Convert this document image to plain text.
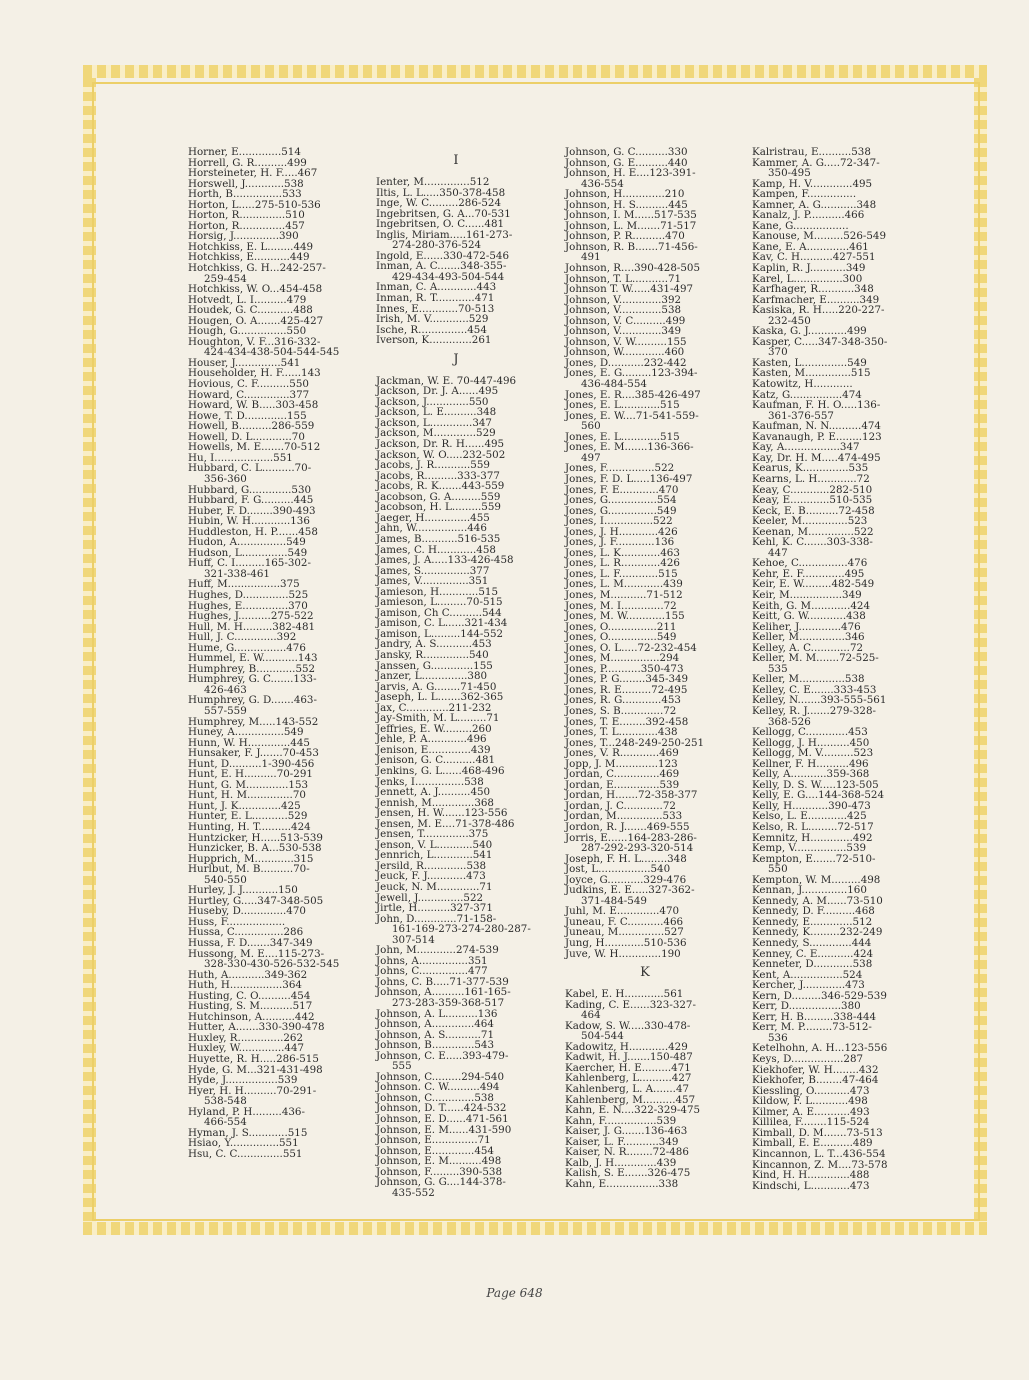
Horner, E.............514
Horrell, G. R..........499
Horsteineter, H. F.....467
Horswell, J............538
Horth, B...............533
Horton, L.....275-510-536
Horton, R..............510
Horton, R..............457
Horsig, J..............390
Hotchkiss, E. L........449
Hotchkiss, E...........449
Hotchkiss, G. H...242-257-
259-454
Hotchkiss, W. O...454-458
Hotvedt, L. I..........479
Houdek, G. C...........488
Hougen, O. A.......425-427
Hough, G...............550
Houghton, V. F...316-332-
424-434-438-504-544-545
Houser, J..............541
Householder, H. F......143
Hovious, C. F..........550
Howard, C..............377
Howard, W. B.....303-458
Howe, T. D.............155
Howell, B..........286-559
Howell, D. L............70
Howells, M. E.......70-512
Hu, I..................551
Hubbard, C. L..........70-
356-360
Hubbard, G.............530
Hubbard, F. G..........445
Huber, F. D........390-493
Hubin, W. H............136
Huddleston, H. P.......458
Hudon, A...............549
Hudson, L..............549
Huff, C. I.........165-302-
321-338-461
Huff, M................375
Hughes, D..............525
Hughes, E..............370
Hughes, J..........275-522
Hull, M. H.........382-481
Hull, J. C.............392
Hume, G................476
Hummel, E. W...........143
Humphrey, B............552
Humphrey, G. C.......133-
426-463
Humphrey, G. D.......463-
557-559
Humphrey, M.....143-552
Huney, A...............549
Hunn, W. H.............445
Hunsaker, F. J.......70-453
Hunt, D..........1-390-456
Hunt, E. H..........70-291
Hunt, G. M.............153
Hunt, H. M..............70
Hunt, J. K.............425
Hunter, E. L...........529
Hunting, H. T..........424
Huntzicker, H......513-539
Hunzicker, B. A...530-538
Hupprich, M............315
Hurlbut, M. B..........70-
540-550
Hurley, J. J...........150
Hurtley, G.....347-348-505
Huseby, D..............470
Huss, F..................
Hussa, C...............286
Hussa, F. D.......347-349
Hussong, M. E....115-273-
328-330-430-526-532-545
Huth, A...........349-362
Huth, H................364
Husting, C. O..........454
Husting, S. M..........517
Hutchinson, A..........442
Hutter, A.......330-390-478
Huxley, R..............262
Huxley, W..............447
Huyette, R. H.....286-515
Hyde, G. M...321-431-498
Hyde, J................539
Hyer, H. H..........70-291-
538-548
Hyland, P. H.........436-
466-554
Hyman, J. S............515
Hsiao, Y...............551
Hsu, C. C..............551
I
Ienter, M..............512
Iltis, L. L.....350-378-458
Inge, W. C.........286-524
Ingebritsen, G. A...70-531
Ingebritsen, O. C......481
Inglis, Miriam.....161-273-
274-280-376-524
Ingold, E......330-472-546
Inman, A. C.......348-355-
429-434-493-504-544
Inman, C. A............443
Inman, R. T............471
Innes, E............70-513
Irish, M. V............529
Ische, R...............454
Iverson, K.............261
J
Jackman, W. E. 70-447-496
Jackson, Dr. J. A......495
Jackson, J.............550
Jackson, L. E..........348
Jackson, L.............347
Jackson, M.............529
Jackson, Dr. R. H......495
Jackson, W. O.....232-502
Jacobs, J. R...........559
Jacobs, R..........333-377
Jacobs, R. K.......443-559
Jacobson, G. A.........559
Jacobson, H. L.........559
Jaeger, H..............455
Jahn, W................446
James, B...........516-535
James, C. H............458
James, J. A.....133-426-458
James, S...............377
James, V...............351
Jamieson, H............515
Jamieson, L.........70-515
Jamison, Ch C..........544
Jamison, C. L......321-434
Jamison, L.........144-552
Jandry, A. S...........453
Jansky, R..............540
Janssen, G.............155
Janzer, L..............380
Jarvis, A. G........71-450
Jaseph, L. L.......362-365
Jax, C.............211-232
Jay-Smith, M. L.........71
Jeffries, E. W.........260
Jehle, P. A............496
Jenison, E.............439
Jenison, G. C..........481
Jenkins, G. L......468-496
Jenks, I...............538
Jennett, A. J..........450
Jennish, M.............368
Jensen, H. W.......123-556
Jensen, M. E....71-378-486
Jensen, T..............375
Jenson, V. L...........540
Jennrich, L............541
Jersild, R.............538
Jeuck, F. J............473
Jeuck, N. M.............71
Jewell, J..............522
Jirtle, H..........327-371
John, D.............71-158-
161-169-273-274-280-287-
307-514
John, M............274-539
Johns, A...............351
Johns, C...............477
Johns, C. B.....71-377-539
Johnson, A..........161-165-
273-283-359-368-517
Johnson, A. L..........136
Johnson, A.............464
Johnson, A. S...........71
Johnson, B.............543
Johnson, C. E.....393-479-
555
Johnson, C.........294-540
Johnson. C. W..........494
Johnson, C.............538
Johnson, D. T......424-532
Johnson, E. D......471-561
Johnson, E. M......431-590
Johnson, E..............71
Johnson, E.............454
Johnson, E. M..........498
Johnson, F.........390-538
Johnson, G. G....144-378-
435-552
Johnson, G. C..........330
Johnson, G. E..........440
Johnson, H. E....123-391-
436-554
Johnson, H.............210
Johnson, H. S..........445
Johnson, I. M......517-535
Johnson, L. M.......71-517
Johnson, P. R..........470
Johnson, R. B.......71-456-
491
Johnson, R....390-428-505
Johnson, T. L...........71
Johnson T. W......431-497
Johnson, V.............392
Johnson, V.............538
Johnson, V. C..........499
Johnson, V.............349
Johnson, V. W..........155
Johnson, W.............460
Jones, D...........232-442
Jones, E. G.........123-394-
436-484-554
Jones, E. R....385-426-497
Jones, E. L............515
Jones, E. W....71-541-559-
560
Jones, E. L............515
Jones, E. M.......136-366-
497
Jones, F...............522
Jones, F. D. L.....136-497
Jones, F. E............470
Jones, G...............554
Jones, G...............549
Jones, I...............522
Jones, J. H............426
Jones, J. F............136
Jones, L. K............463
Jones, L. R............426
Jones, L. F............515
Jones, L. M............439
Jones, M...........71-512
Jones, M. I.............72
Jones, M. W............155
Jones, O...............211
Jones, O...............549
Jones, O. L.....72-232-454
Jones, M...............294
Jones, P...........350-473
Jones, P. G........345-349
Jones, R. E.........72-495
Jones, R. G............453
Jones, S. B.............72
Jones, T. E........392-458
Jones, T. L............438
Jones, T...248-249-250-251
Jones, V. R............469
Jopp, J. M.............123
Jordan, C..............469
Jordan, E..............539
Jordan, H.......72-358-377
Jordan, J. C............72
Jordan, M..............533
Jordon, R. J.......469-555
Jorris, E......164-283-286-
287-292-293-320-514
Joseph, F. H. L........348
Jost, L................540
Joyce, G...........329-476
Judkins, E. E.....327-362-
371-484-549
Juhl, M. E.............470
Juneau, F. C...........466
Juneau, M..............527
Jung, H............510-536
Juve, W. H.............190
K
Kabel, E. H............561
Kading, C. E......323-327-
464
Kadow, S. W.....330-478-
504-544
Kadowitz, H............429
Kadwit, H. J.......150-487
Kaercher, H. E.........471
Kahlenberg, L..........427
Kahlenberg, L. A.......47
Kahlenberg, M..........457
Kahn, E. N....322-329-475
Kahn, F................539
Kaiser, J. G.......136-463
Kaiser, L. F...........349
Kaiser, N. R........72-486
Kalb, J. H.............439
Kalish, S. E.......326-475
Kahn, E................338
Kalristrau, E..........538
Kammer, A. G.....72-347-
350-495
Kamp, H. V.............495
Kampen, F...............
Kamner, A. G...........348
Kanalz, J. P...........466
Kane, G.................
Kanouse, M.........526-549
Kane, E. A.............461
Kav, C. H..........427-551
Kaplin, R. J...........349
Karel, L...............300
Karfhager, R...........348
Karfmacher, E..........349
Kasiska, R. H.....220-227-
232-450
Kaska, G. J............499
Kasper, C.....347-348-350-
370
Kasten, L..............549
Kasten, M..............515
Katowitz, H............
Katz, G................474
Kaufman, F. H. O.....136-
361-376-557
Kaufman, N. N..........474
Kavanaugh, P. E........123
Kay, A.................347
Kay, Dr. H. M.....474-495
Kearus, K..............535
Kearns, L. H............72
Keay, C............282-510
Keay, E............510-535
Keck, E. B..........72-458
Keeler, M..............523
Keenan, M..............522
Kehl, K. C.......303-338-
447
Kehoe, C...............476
Kehr, E. F.............495
Keir, E. W.........482-549
Keir, M................349
Keith, G. M............424
Keitt, G. W............438
Keliher, J.............476
Keller, M..............346
Kelley, A. C............72
Keller, M. M.......72-525-
535
Keller, M..............538
Kelley, C. E.......333-453
Kelley, N.......393-555-561
Kelley, R. J.......279-328-
368-526
Kellogg, C.............453
Kellogg, J. H..........450
Kellogg, M. V..........523
Kellner, F. H..........496
Kelly, A...........359-368
Kelly, D. S. W.....123-505
Kelly, E. G....144-368-524
Kelly, H...........390-473
Kelso, L. E............425
Kelso, R. L.........72-517
Kemnitz, H.............492
Kemp, V................539
Kempton, E.......72-510-
550
Kempton, W. M.........498
Kennan, J..............160
Kennedy, A. M......73-510
Kennedy, D. F..........468
Kennedy, E.............512
Kennedy, K.........232-249
Kennedy, S.............444
Kenney, C. E...........424
Kenneter, D............538
Kent, A................524
Kercher, J.............473
Kern, D.........346-529-539
Kerr, D................380
Kerr, H. B.........338-444
Kerr, M. P.........73-512-
536
Ketelhohn, A. H...123-556
Keys, D................287
Kiekhofer, W. H........432
Kiekhofer, B........47-464
Kiessling, O...........473
Kildow, F. L...........498
Kilmer, A. E...........493
Killilea, F........115-524
Kimball, D. M.......73-513
Kimball, E. E..........489
Kincannon, L. T...436-554
Kincannon, Z. M....73-578
Kind, H. H.............488
Kindschi, L............473
Page 648
